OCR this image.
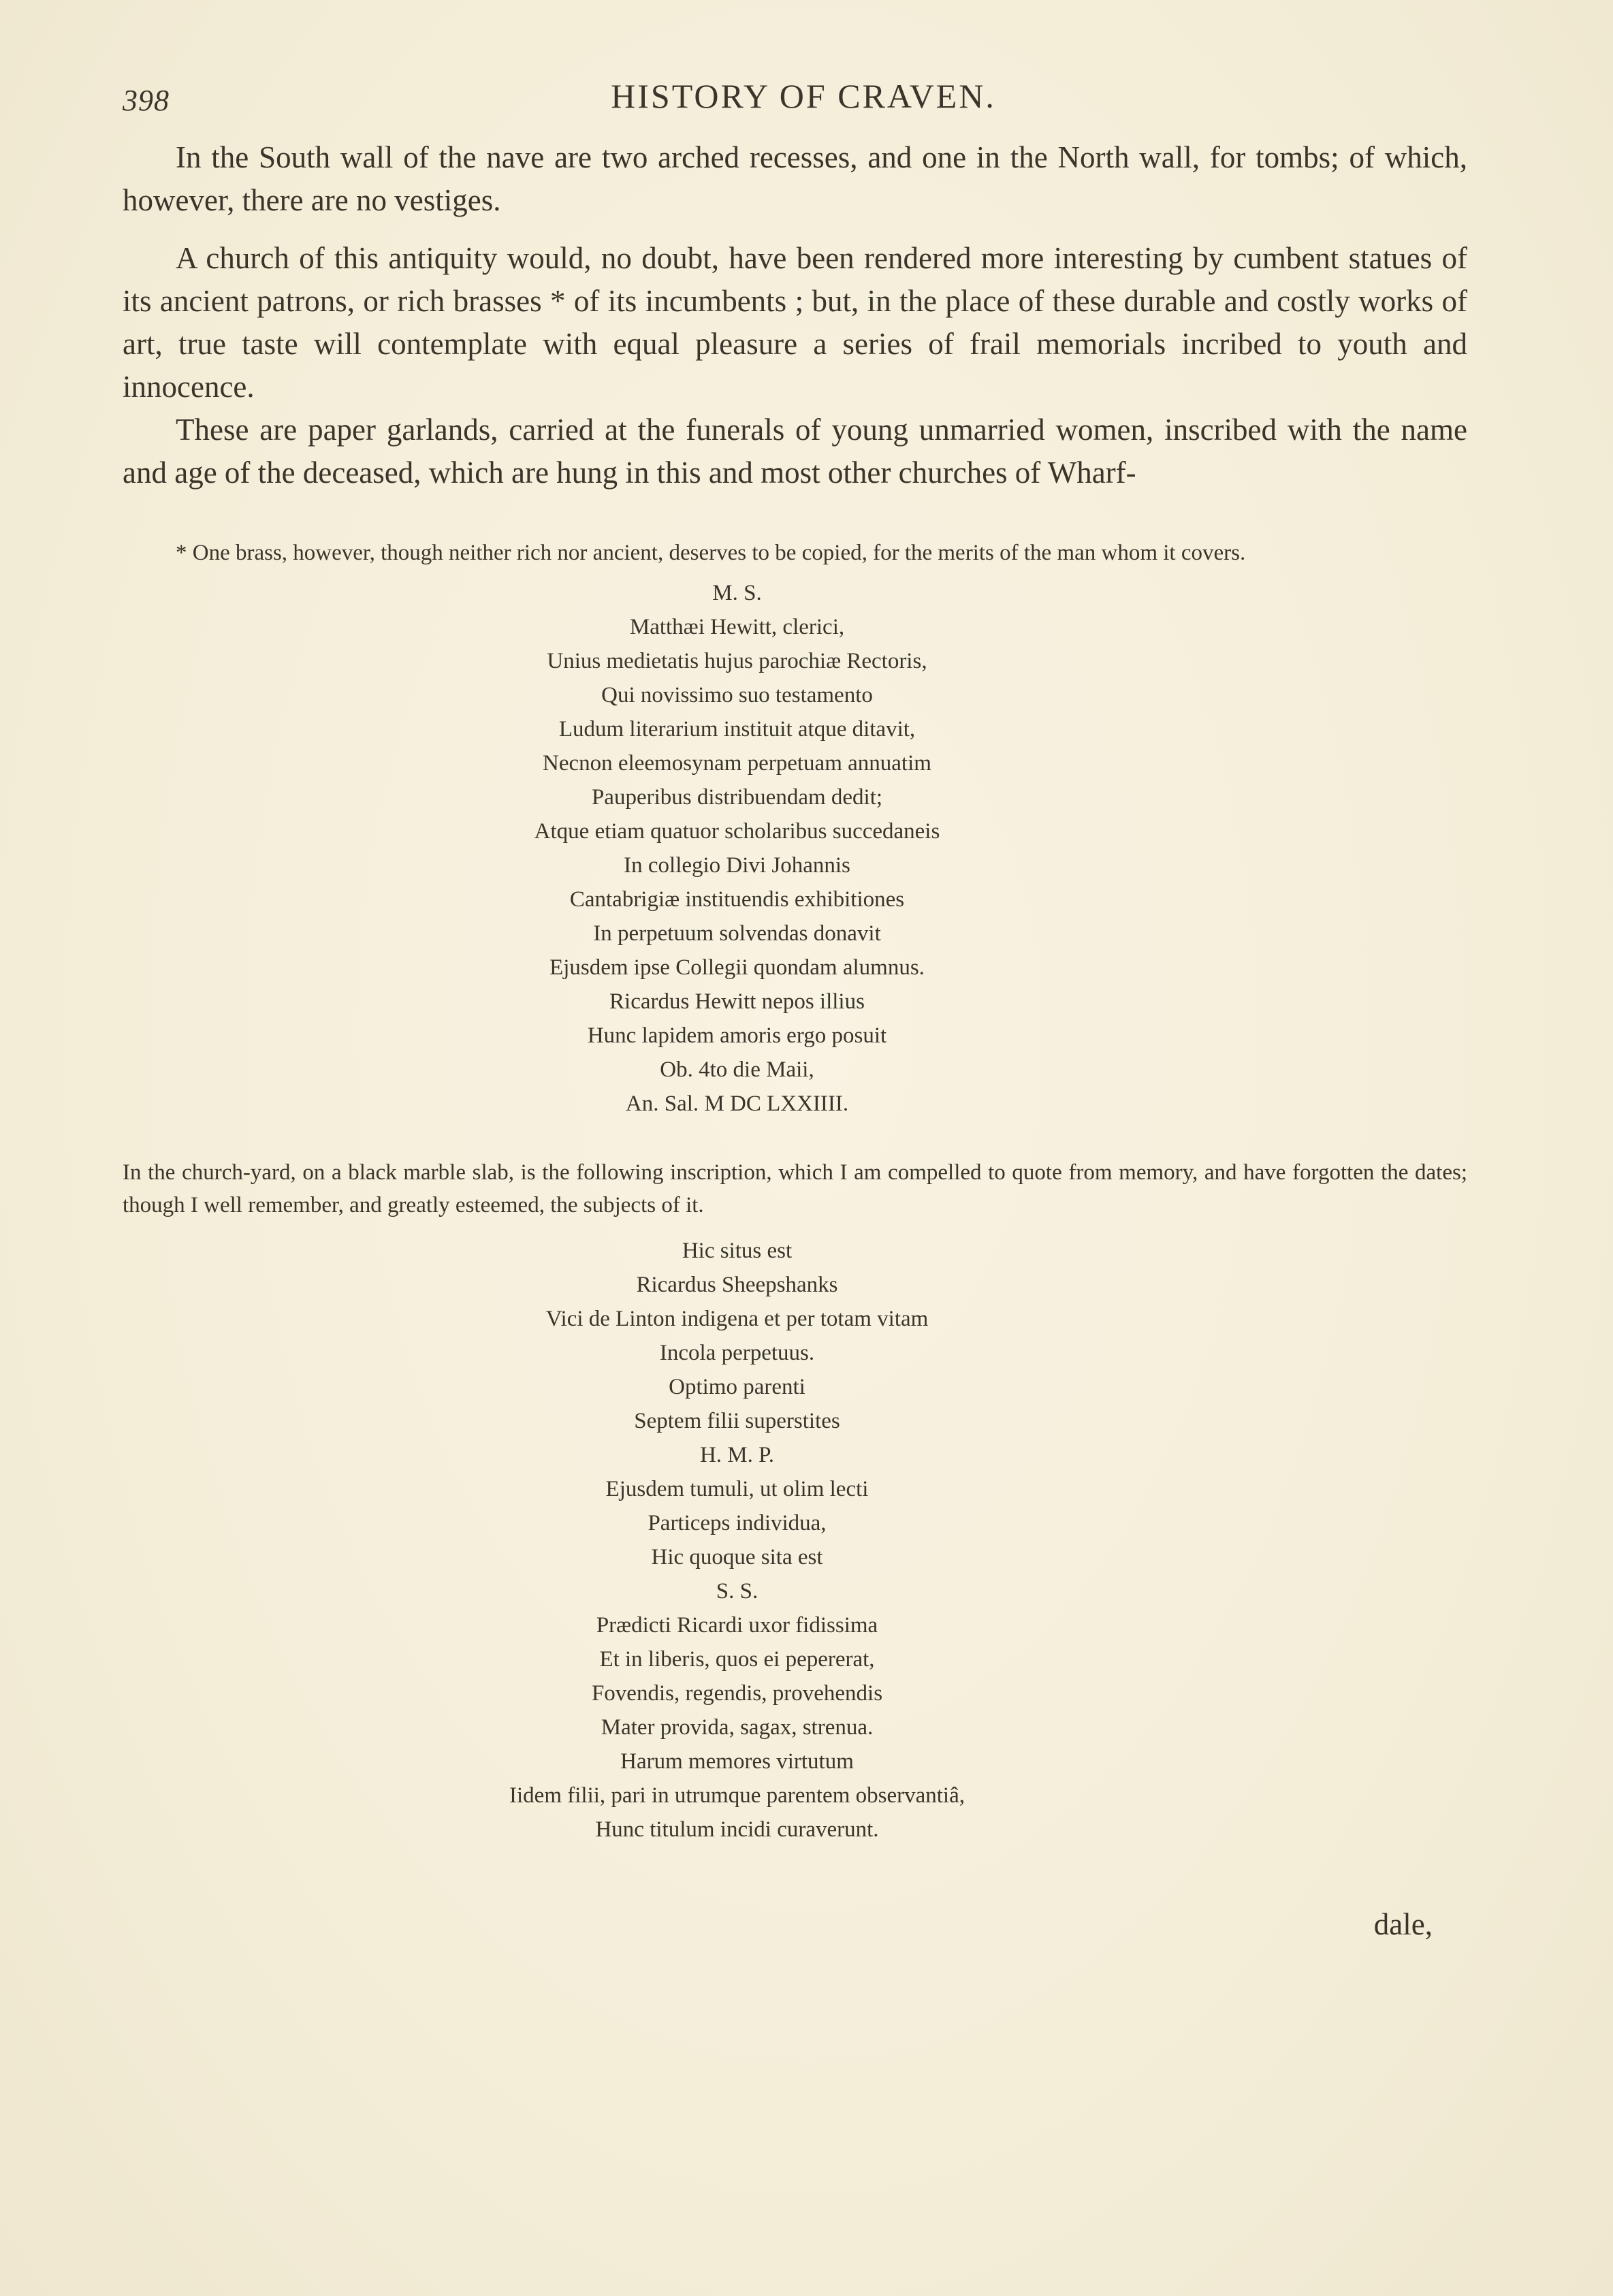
398	HISTORY OF CRAVEN.

In the South wall of the nave are two arched recesses, and one in the North wall, for tombs; of which, however, there are no vestiges.

A church of this antiquity would, no doubt, have been rendered more interesting by cumbent statues of its ancient patrons, or rich brasses * of its incumbents ; but, in the place of these durable and costly works of art, true taste will contemplate with equal pleasure a series of frail memorials incribed to youth and innocence.

These are paper garlands, carried at the funerals of young unmarried women, inscribed with the name and age of the deceased, which are hung in this and most other churches of Wharf-

* One brass, however, though neither rich nor ancient, deserves to be copied, for the merits of the man whom it covers.

M. S.
Matthæi Hewitt, clerici,
Unius medietatis hujus parochiæ Rectoris,
Qui novissimo suo testamento
Ludum literarium instituit atque ditavit,
Necnon eleemosynam perpetuam annuatim
Pauperibus distribuendam dedit;
Atque etiam quatuor scholaribus succedaneis
In collegio Divi Johannis
Cantabrigiæ instituendis exhibitiones
In perpetuum solvendas donavit
Ejusdem ipse Collegii quondam alumnus.
Ricardus Hewitt nepos illius
Hunc lapidem amoris ergo posuit
Ob. 4to die Maii,
An. Sal. M DC LXXIIII.

In the church-yard, on a black marble slab, is the following inscription, which I am compelled to quote from memory, and have forgotten the dates; though I well remember, and greatly esteemed, the subjects of it.

Hic situs est
Ricardus Sheepshanks
Vici de Linton indigena et per totam vitam
Incola perpetuus.
Optimo parenti
Septem filii superstites
H. M. P.
Ejusdem tumuli, ut olim lecti
Particeps individua,
Hic quoque sita est
S. S.
Prædicti Ricardi uxor fidissima
Et in liberis, quos ei pepererat,
Fovendis, regendis, provehendis
Mater provida, sagax, strenua.
Harum memores virtutum
Iidem filii, pari in utrumque parentem observantiâ,
Hunc titulum incidi curaverunt.
dale,
